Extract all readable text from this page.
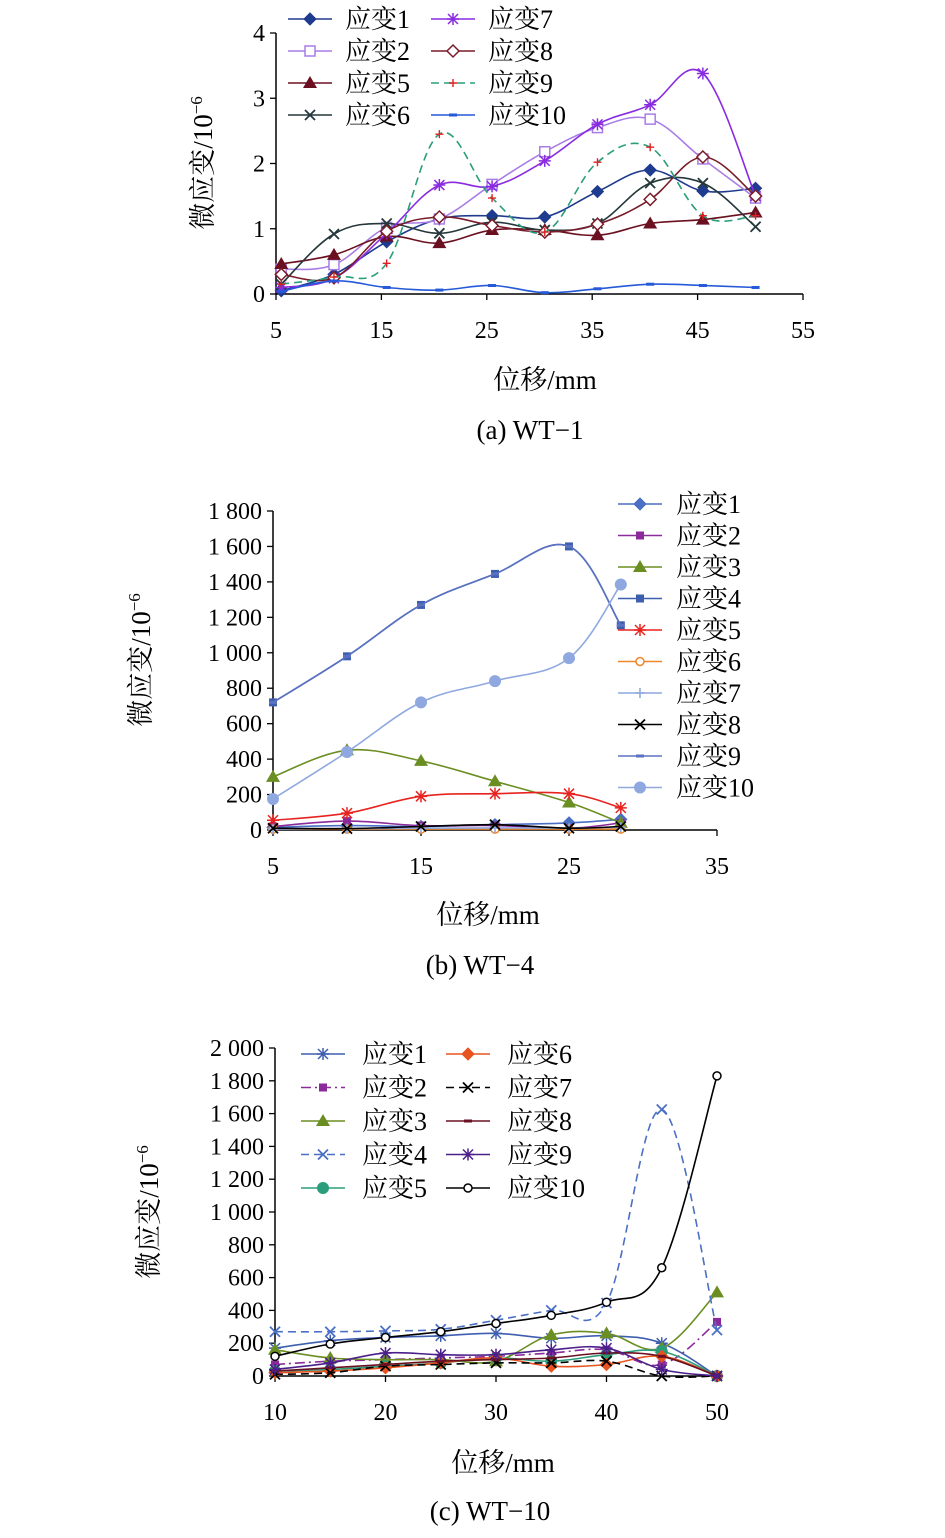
(a) WT−1
位移/mm
0
1
2
3
4
5	15	25	35	45	55
微应变$/10^{-6}$
应变1
应变2
应变5
应变6
应变7
应变8
应变9
应变10
(b) WT−4
位移/mm
0
200
400
600
800
1 000
1 200
1 400
1 600
1 800
5	15	25	35
微应变$/10^{-6}$
应变1
应变2
应变3
应变4
应变5
应变6
应变7
应变8
应变9
应变10
(c) WT−10
位移/mm
0
200
400
600
800
1 000
1 200
1 400
1 600
1 800
2 000
10	20	30	40	50
微应变$/10^{-6}$
应变1
应变2
应变3
应变4
应变5
应变6
应变7
应变8
应变9
应变10
